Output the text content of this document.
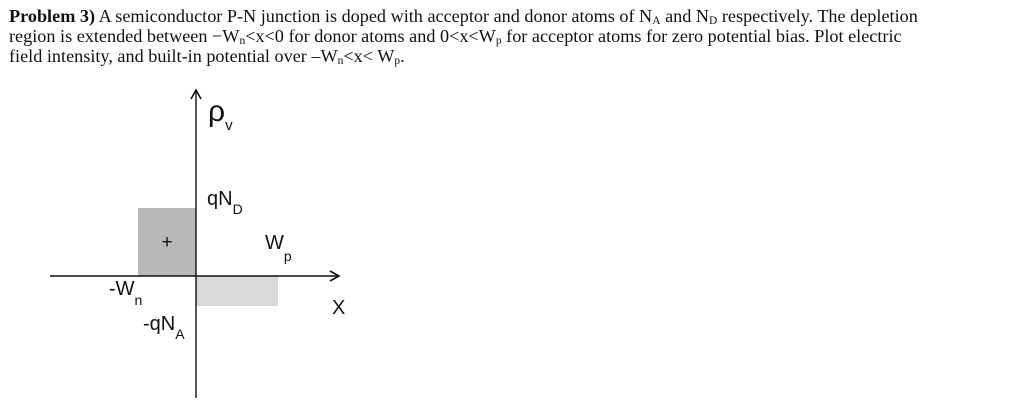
Problem 3) A semiconductor P-N junction is doped with acceptor and donor atoms of $N_A$ and $N_D$ respectively. The depletion
region is extended between $-W_n<x<0$ for donor atoms and $0<x<W_p$ for acceptor atoms for zero potential bias. Plot electric
field intensity, and built-in potential over $-W_n<x< W_p$.
+
$\rho_v$
$qN_D$
$W_p$
$-W_n$
$-qN_A$
X
